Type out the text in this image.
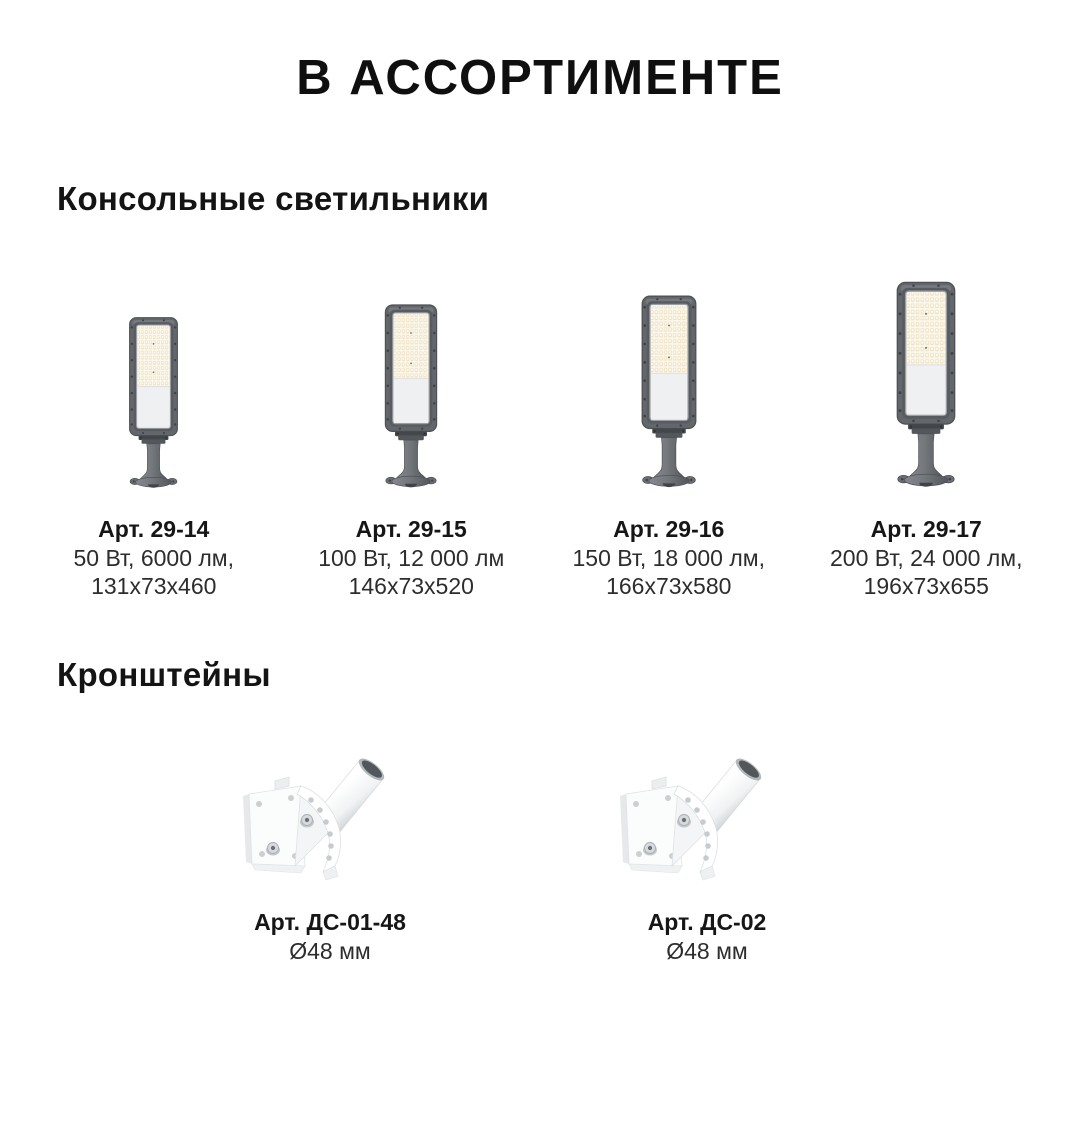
В АССОРТИМЕНТЕ
Консольные светильники
Арт. 29-14
50 Вт, 6000 лм,
131x73x460
Арт. 29-15
100 Вт, 12 000 лм
146x73x520
Арт. 29-16
150 Вт, 18 000 лм,
166x73x580
Арт. 29-17
200 Вт, 24 000 лм,
196x73x655
Кронштейны
Арт. ДС-01-48
Ø48 мм
Арт. ДС-02
Ø48 мм
